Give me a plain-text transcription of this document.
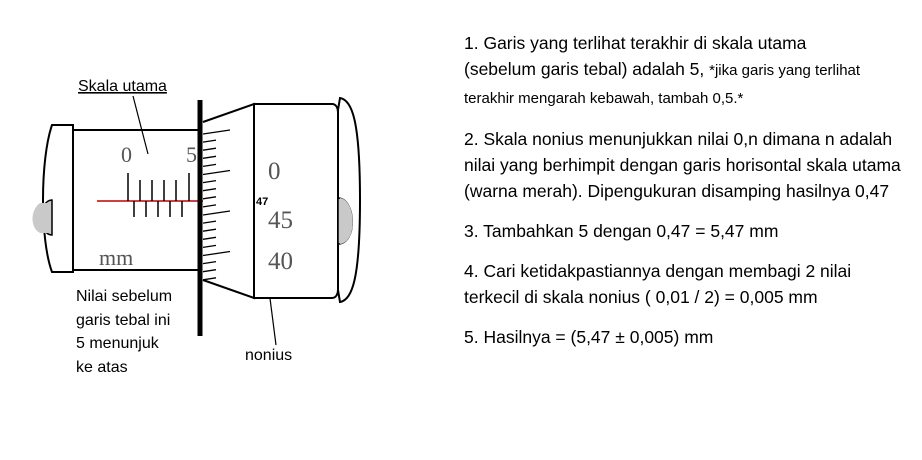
0 5
mm
0
45
40
47
Skala utama
Nilai sebelum
garis tebal ini
5 menunjuk
ke atas
nonius
1. Garis yang terlihat terakhir di skala utama
(sebelum garis tebal) adalah 5, *jika garis yang terlihat terakhir mengarah kebawah, tambah 0,5.*
2. Skala nonius menunjukkan nilai 0,n dimana n adalah nilai yang berhimpit dengan garis horisontal skala utama (warna merah). Dipengukuran disamping hasilnya 0,47
3. Tambahkan 5 dengan 0,47 = 5,47 mm
4. Cari ketidakpastiannya dengan membagi 2 nilai terkecil di skala nonius ( 0,01 / 2) = 0,005 mm
5. Hasilnya = (5,47 ± 0,005) mm
